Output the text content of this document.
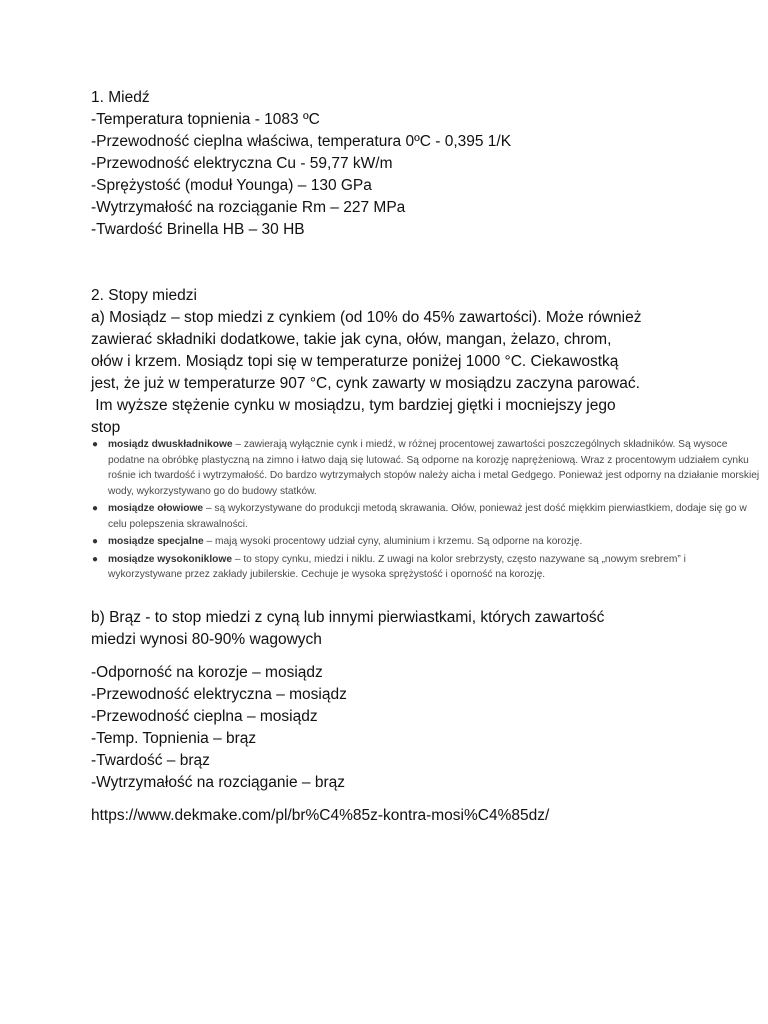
1. Miedź
-Temperatura topnienia - 1083 ºC
-Przewodność cieplna właściwa, temperatura 0ºC - 0,395 1/K
-Przewodność elektryczna Cu - 59,77 kW/m
-Sprężystość (moduł Younga) – 130 GPa
-Wytrzymałość na rozciąganie Rm – 227 MPa
-Twardość Brinella HB – 30 HB
2. Stopy miedzi
a) Mosiądz – stop miedzi z cynkiem (od 10% do 45% zawartości). Może również
zawierać składniki dodatkowe, takie jak cyna, ołów, mangan, żelazo, chrom,
ołów i krzem. Mosiądz topi się w temperaturze poniżej 1000 °C. Ciekawostką
jest, że już w temperaturze 907 °C, cynk zawarty w mosiądzu zaczyna parować.
Im wyższe stężenie cynku w mosiądzu, tym bardziej giętki i mocniejszy jego
stop
● mosiądz dwuskładnikowe – zawierają wyłącznie cynk i miedź, w różnej procentowej zawartości poszczególnych składników. Są wysoce podatne na obróbkę plastyczną na zimno i łatwo dają się lutować. Są odporne na korozję naprężeniową. Wraz z procentowym udziałem cynku rośnie ich twardość i wytrzymałość. Do bardzo wytrzymałych stopów należy aicha i metal Gedgego. Ponieważ jest odporny na działanie morskiej wody, wykorzystywano go do budowy statków.
● mosiądze ołowiowe – są wykorzystywane do produkcji metodą skrawania. Ołów, ponieważ jest dość miękkim pierwiastkiem, dodaje się go w celu polepszenia skrawalności.
● mosiądze specjalne – mają wysoki procentowy udział cyny, aluminium i krzemu. Są odporne na korozję.
● mosiądze wysokoniklowe – to stopy cynku, miedzi i niklu. Z uwagi na kolor srebrzysty, często nazywane są „nowym srebrem” i wykorzystywane przez zakłady jubilerskie. Cechuje je wysoka sprężystość i oporność na korozję.
b) Brąz - to stop miedzi z cyną lub innymi pierwiastkami, których zawartość
miedzi wynosi 80-90% wagowych
-Odporność na korozje – mosiądz
-Przewodność elektryczna – mosiądz
-Przewodność cieplna – mosiądz
-Temp. Topnienia – brąz
-Twardość – brąz
-Wytrzymałość na rozciąganie – brąz
https://www.dekmake.com/pl/br%C4%85z-kontra-mosi%C4%85dz/
